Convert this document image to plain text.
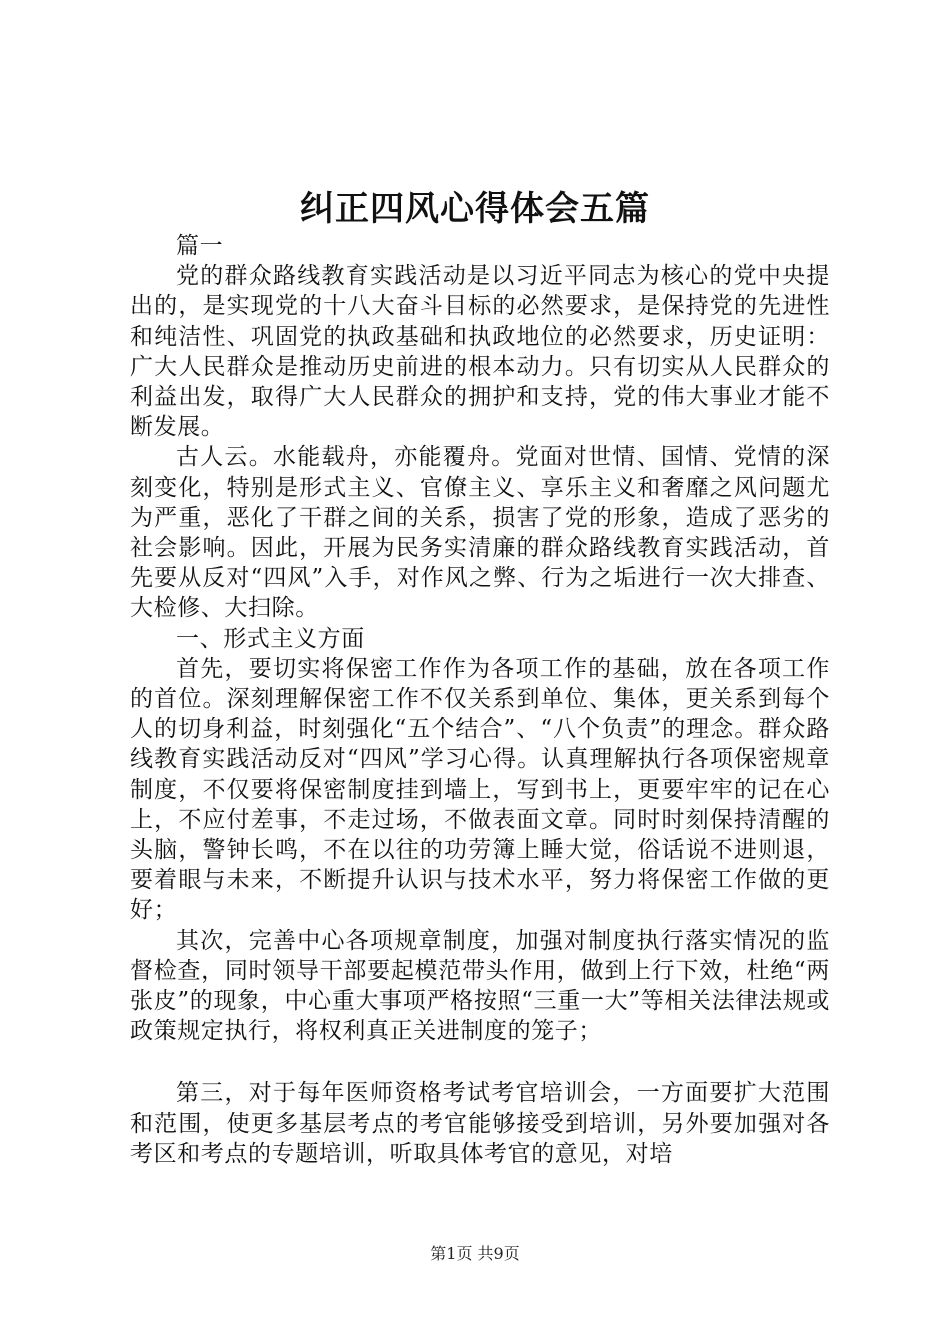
纠正四风心得体会五篇

篇一

党的群众路线教育实践活动是以习近平同志为核心的党中央提出的，是实现党的十八大奋斗目标的必然要求，是保持党的先进性和纯洁性、巩固党的执政基础和执政地位的必然要求，历史证明：广大人民群众是推动历史前进的根本动力。只有切实从人民群众的利益出发，取得广大人民群众的拥护和支持，党的伟大事业才能不断发展。

古人云。水能载舟，亦能覆舟。党面对世情、国情、党情的深刻变化，特别是形式主义、官僚主义、享乐主义和奢靡之风问题尤为严重，恶化了干群之间的关系，损害了党的形象，造成了恶劣的社会影响。因此，开展为民务实清廉的群众路线教育实践活动，首先要从反对“四风”入手，对作风之弊、行为之垢进行一次大排查、大检修、大扫除。

一、形式主义方面

首先，要切实将保密工作作为各项工作的基础，放在各项工作的首位。深刻理解保密工作不仅关系到单位、集体，更关系到每个人的切身利益，时刻强化“五个结合”、“八个负责”的理念。群众路线教育实践活动反对“四风”学习心得。认真理解执行各项保密规章制度，不仅要将保密制度挂到墙上，写到书上，更要牢牢的记在心上，不应付差事，不走过场，不做表面文章。同时时刻保持清醒的头脑，警钟长鸣，不在以往的功劳簿上睡大觉，俗话说不进则退，要着眼与未来，不断提升认识与技术水平，努力将保密工作做的更好；

其次，完善中心各项规章制度，加强对制度执行落实情况的监督检查，同时领导干部要起模范带头作用，做到上行下效，杜绝“两张皮”的现象，中心重大事项严格按照“三重一大”等相关法律法规或政策规定执行，将权利真正关进制度的笼子；

第三，对于每年医师资格考试考官培训会，一方面要扩大范围和范围，使更多基层考点的考官能够接受到培训，另外要加强对各考区和考点的专题培训，听取具体考官的意见，对培

第1页 共9页
